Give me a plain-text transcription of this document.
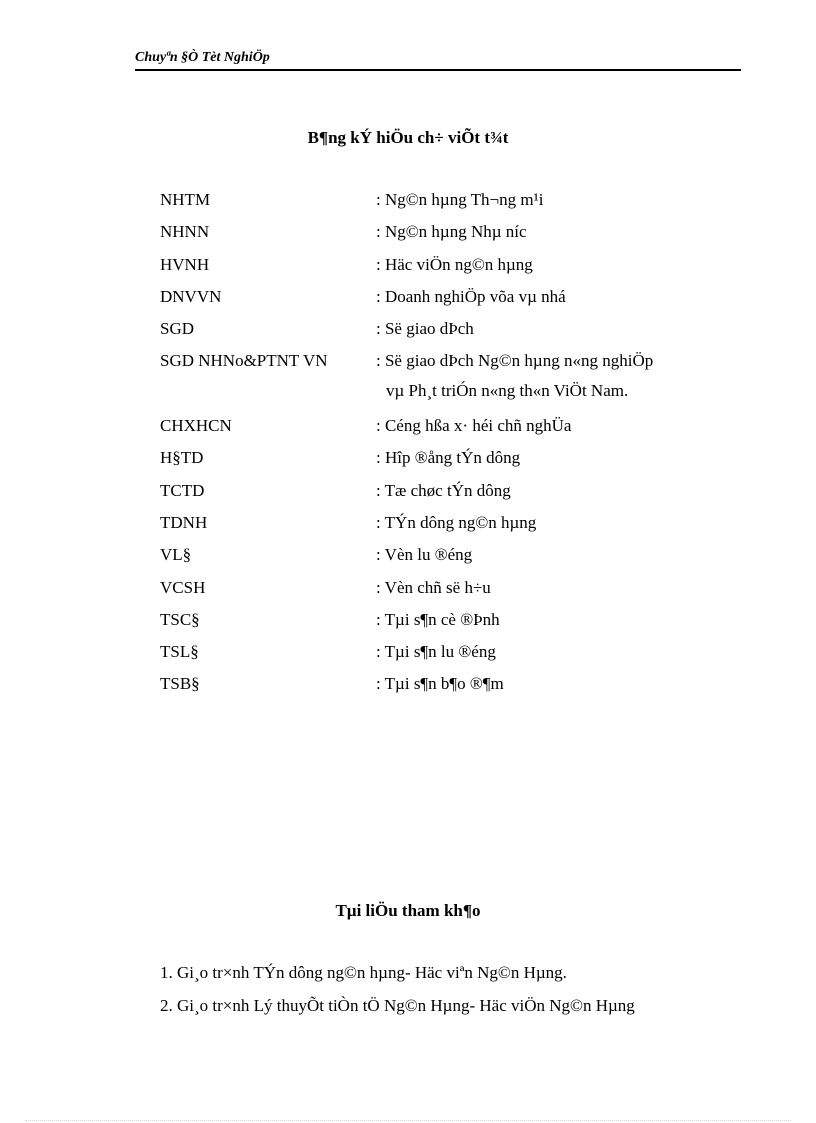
Chuyªn §Ò Tèt NghiÖp
B¶ng kÝ hiÖu ch÷ viÕt t¾t
NHTM	: Ng©n hµng Th¬ng m¹i
NHNN	: Ng©n hµng Nhµ níc
HVNH	: Häc viÖn ng©n hµng
DNVVN	: Doanh nghiÖp võa vµ nhá
SGD	: Së giao dÞch
SGD NHNo&PTNT VN	: Së giao dÞch Ng©n hµng n«ng nghiÖp
vµ Ph¸t triÓn n«ng th«n ViÖt Nam.
CHXHCN	: Céng hßa x· héi chñ nghÜa
H§TD	: Hîp ®ång tÝn dông
TCTD	: Tæ chøc tÝn dông
TDNH	: TÝn dông ng©n hµng
VL§	: Vèn lu ®éng
VCSH	: Vèn chñ së h÷u
TSC§	: Tµi s¶n cè ®Þnh
TSL§	: Tµi s¶n lu ®éng
TSB§	: Tµi s¶n b¶o ®¶m
Tµi liÖu tham kh¶o
1. Gi¸o tr×nh TÝn dông ng©n hµng- Häc viªn Ng©n Hµng.
2. Gi¸o tr×nh Lý thuyÕt tiÒn tÖ Ng©n Hµng- Häc viÖn Ng©n Hµng
